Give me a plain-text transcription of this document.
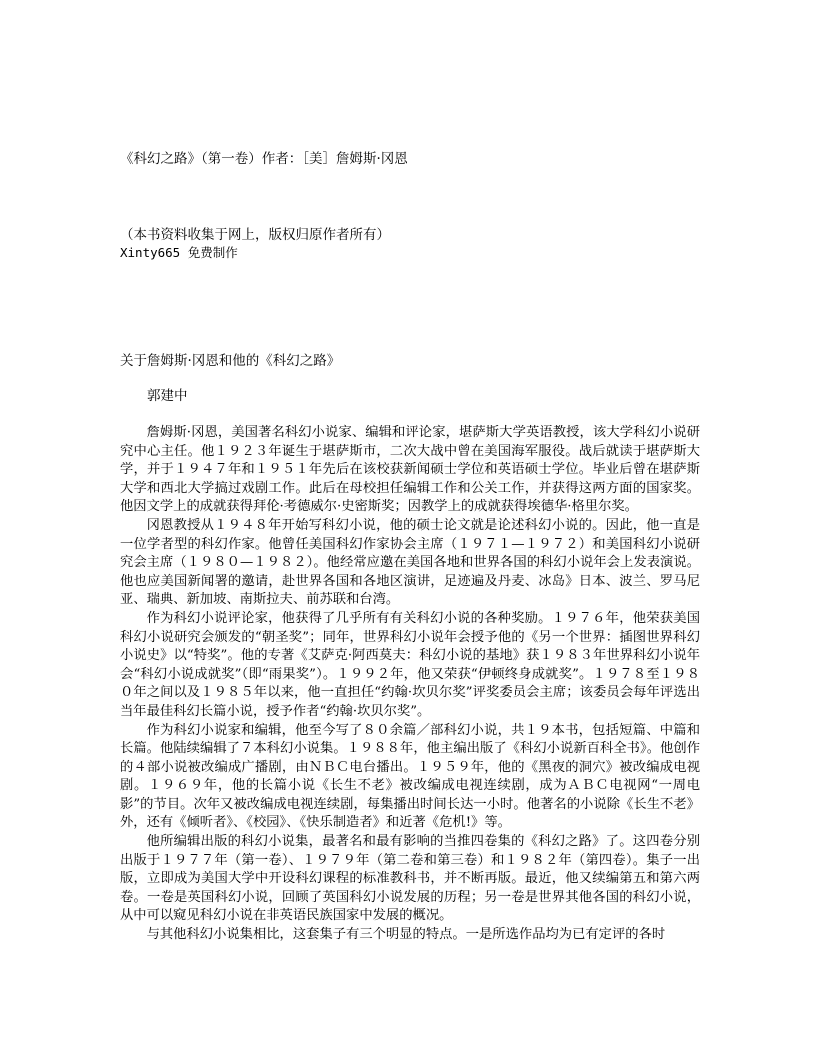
《科幻之路》（第一卷）作者：［美］詹姆斯·冈恩
（本书资料收集于网上，版权归原作者所有）
Xinty665 免费制作
关于詹姆斯·冈恩和他的《科幻之路》
郭建中

詹姆斯·冈恩，美国著名科幻小说家、编辑和评论家，堪萨斯大学英语教授，该大学科幻小说研究中心主任。他１９２３年诞生于堪萨斯市，二次大战中曾在美国海军服役。战后就读于堪萨斯大学，并于１９４７年和１９５１年先后在该校获新闻硕士学位和英语硕士学位。毕业后曾在堪萨斯大学和西北大学搞过戏剧工作。此后在母校担任编辑工作和公关工作，并获得这两方面的国家奖。他因文学上的成就获得拜伦·考德威尔·史密斯奖；因教学上的成就获得埃德华·格里尔奖。

冈恩教授从１９４８年开始写科幻小说，他的硕士论文就是论述科幻小说的。因此，他一直是一位学者型的科幻作家。他曾任美国科幻作家协会主席（１９７１—１９７２）和美国科幻小说研究会主席（１９８０—１９８２）。他经常应邀在美国各地和世界各国的科幻小说年会上发表演说。他也应美国新闻署的邀请，赴世界各国和各地区演讲，足迹遍及丹麦、冰岛》日本、波兰、罗马尼亚、瑞典、新加坡、南斯拉夫、前苏联和台湾。

作为科幻小说评论家，他获得了几乎所有有关科幻小说的各种奖励。１９７６年，他荣获美国科幻小说研究会颁发的“朝圣奖”；同年，世界科幻小说年会授予他的《另一个世界：插图世界科幻小说史》以“特奖”。他的专著《艾萨克·阿西莫夫：科幻小说的基地》获１９８３年世界科幻小说年会“科幻小说成就奖”（即“雨果奖”）。１９９２年，他又荣获“伊顿终身成就奖”。１９７８至１９８０年之间以及１９８５年以来，他一直担任“约翰·坎贝尔奖”评奖委员会主席；该委员会每年评选出当年最佳科幻长篇小说，授予作者“约翰·坎贝尔奖”。

作为科幻小说家和编辑，他至今写了８０余篇／部科幻小说，共１９本书，包括短篇、中篇和长篇。他陆续编辑了７本科幻小说集。１９８８年，他主编出版了《科幻小说新百科全书》。他创作的４部小说被改编成广播剧，由ＮＢＣ电台播出。１９５９年，他的《黑夜的洞穴》被改编成电视剧。１９６９年，他的长篇小说《长生不老》被改编成电视连续剧，成为ＡＢＣ电视网“一周电影”的节目。次年又被改编成电视连续剧，每集播出时间长达一小时。他著名的小说除《长生不老》外，还有《倾听者》、《校园》、《快乐制造者》和近著《危机!》等。

他所编辑出版的科幻小说集，最著名和最有影响的当推四卷集的《科幻之路》了。这四卷分别出版于１９７７年（第一卷）、１９７９年（第二卷和第三卷）和１９８２年（第四卷）。集子一出版，立即成为美国大学中开设科幻课程的标准教科书，并不断再版。最近，他又续编第五和第六两卷。一卷是英国科幻小说，回顾了英国科幻小说发展的历程；另一卷是世界其他各国的科幻小说，从中可以窥见科幻小说在非英语民族国家中发展的概况。

与其他科幻小说集相比，这套集子有三个明显的特点。一是所选作品均为已有定评的各时
